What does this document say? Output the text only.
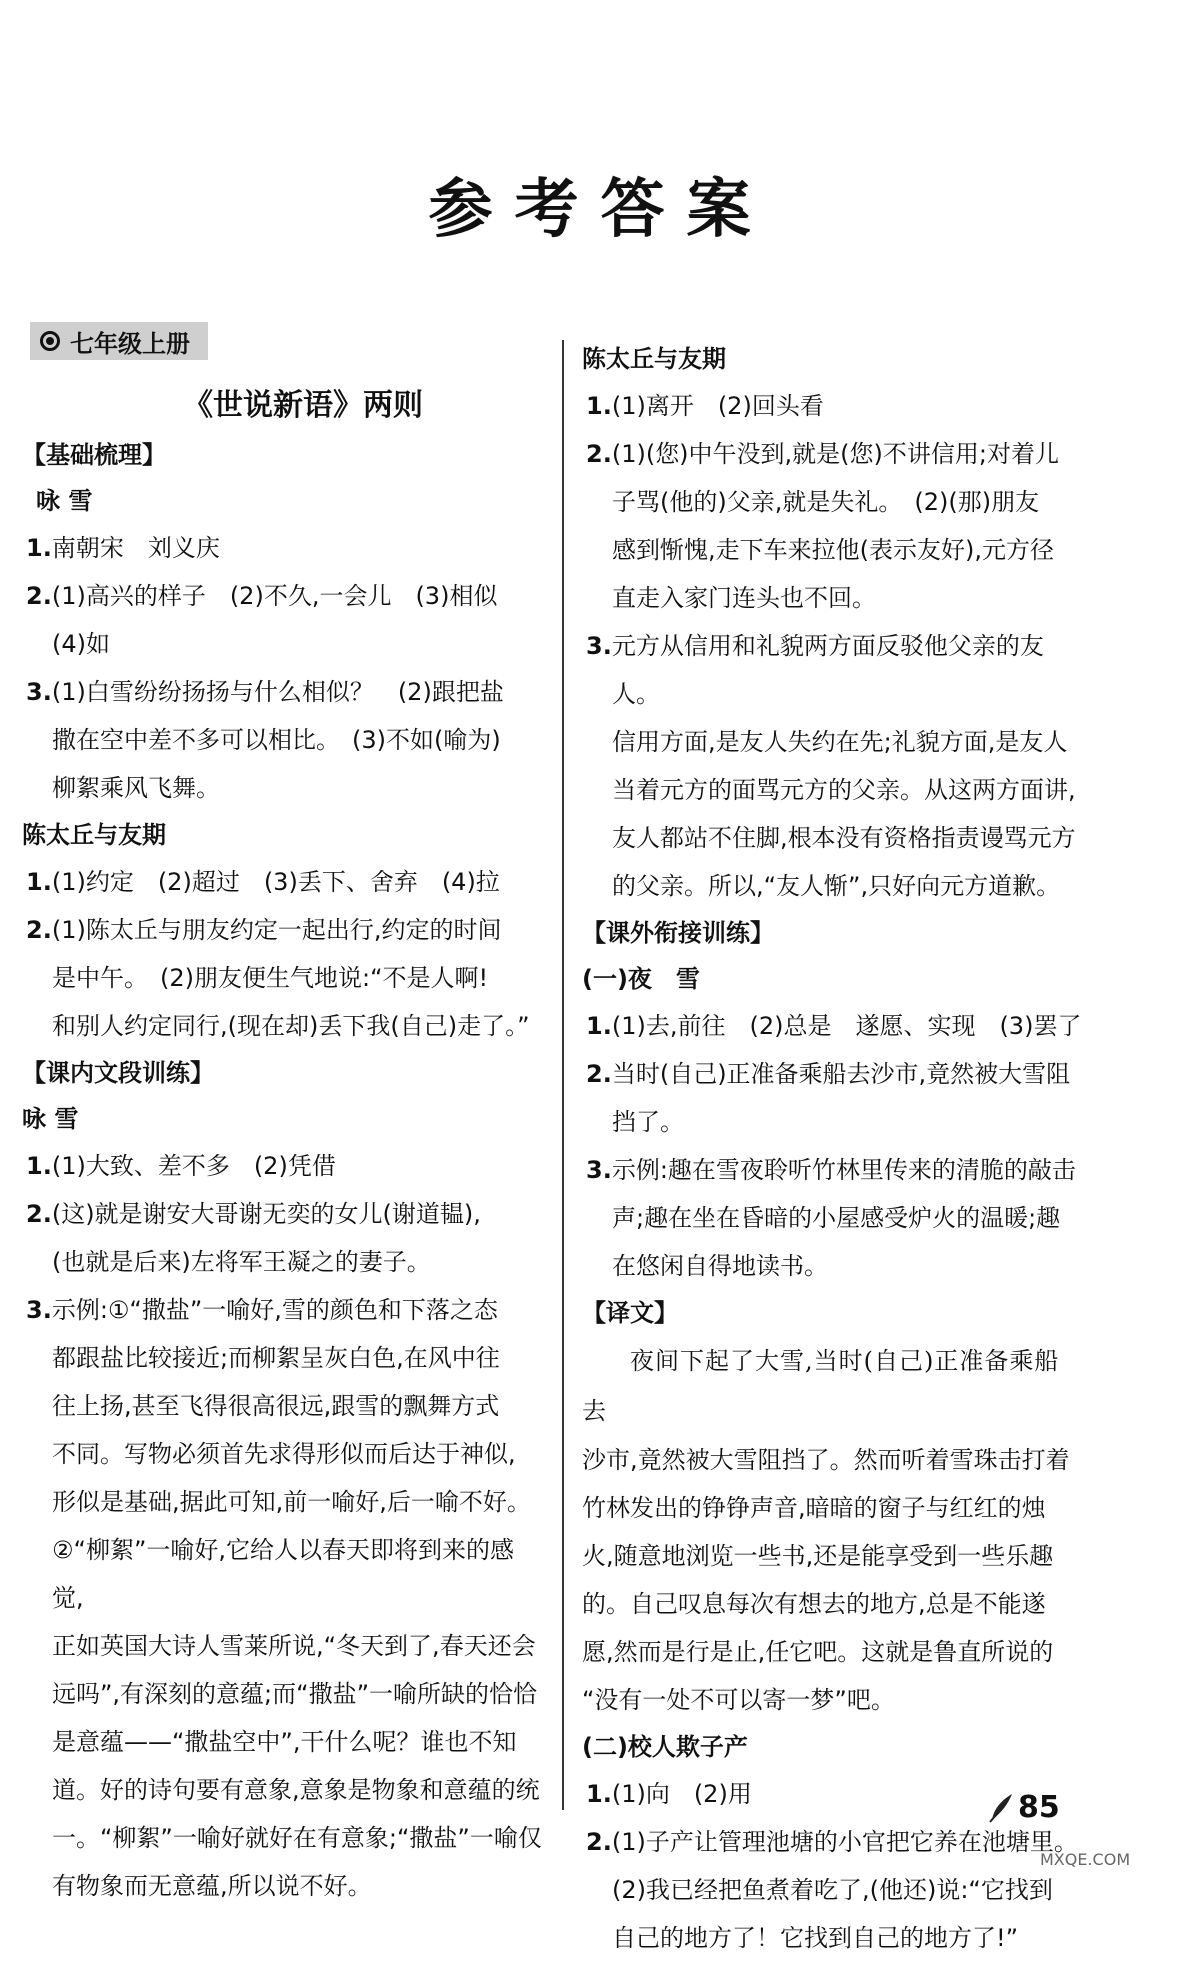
参考答案
七年级上册
《世说新语》两则
【基础梳理】
咏 雪
1.南朝宋　刘义庆
2.(1)高兴的样子　(2)不久,一会儿　(3)相似
(4)如
3.(1)白雪纷纷扬扬与什么相似？　(2)跟把盐
撒在空中差不多可以相比。　(3)不如(喻为)
柳絮乘风飞舞。
陈太丘与友期
1.(1)约定　(2)超过　(3)丢下、舍弃　(4)拉
2.(1)陈太丘与朋友约定一起出行,约定的时间
是中午。　(2)朋友便生气地说:“不是人啊!
和别人约定同行,(现在却)丢下我(自己)走了。”
【课内文段训练】
咏 雪
1.(1)大致、差不多　(2)凭借
2.(这)就是谢安大哥谢无奕的女儿(谢道韫),
(也就是后来)左将军王凝之的妻子。
3.示例:①“撒盐”一喻好,雪的颜色和下落之态
都跟盐比较接近;而柳絮呈灰白色,在风中往
往上扬,甚至飞得很高很远,跟雪的飘舞方式
不同。写物必须首先求得形似而后达于神似,
形似是基础,据此可知,前一喻好,后一喻不好。
②“柳絮”一喻好,它给人以春天即将到来的感觉,
正如英国大诗人雪莱所说,“冬天到了,春天还会
远吗”,有深刻的意蕴;而“撒盐”一喻所缺的恰恰
是意蕴——“撒盐空中”,干什么呢？谁也不知
道。好的诗句要有意象,意象是物象和意蕴的统
一。“柳絮”一喻好就好在有意象;“撒盐”一喻仅
有物象而无意蕴,所以说不好。
陈太丘与友期
1.(1)离开　(2)回头看
2.(1)(您)中午没到,就是(您)不讲信用;对着儿
子骂(他的)父亲,就是失礼。　(2)(那)朋友
感到惭愧,走下车来拉他(表示友好),元方径
直走入家门连头也不回。
3.元方从信用和礼貌两方面反驳他父亲的友人。
信用方面,是友人失约在先;礼貌方面,是友人
当着元方的面骂元方的父亲。从这两方面讲,
友人都站不住脚,根本没有资格指责谩骂元方
的父亲。所以,“友人惭”,只好向元方道歉。
【课外衔接训练】
(一)夜　雪
1.(1)去,前往　(2)总是　遂愿、实现　(3)罢了
2.当时(自己)正准备乘船去沙市,竟然被大雪阻
挡了。
3.示例:趣在雪夜聆听竹林里传来的清脆的敲击
声;趣在坐在昏暗的小屋感受炉火的温暖;趣
在悠闲自得地读书。
【译文】
夜间下起了大雪,当时(自己)正准备乘船去
沙市,竟然被大雪阻挡了。然而听着雪珠击打着
竹林发出的铮铮声音,暗暗的窗子与红红的烛
火,随意地浏览一些书,还是能享受到一些乐趣
的。自己叹息每次有想去的地方,总是不能遂
愿,然而是行是止,任它吧。这就是鲁直所说的
“没有一处不可以寄一梦”吧。
(二)校人欺子产
1.(1)向　(2)用
2.(1)子产让管理池塘的小官把它养在池塘里。
(2)我已经把鱼煮着吃了,(他还)说:“它找到
自己的地方了！它找到自己的地方了!”
85
MXQE.COM
